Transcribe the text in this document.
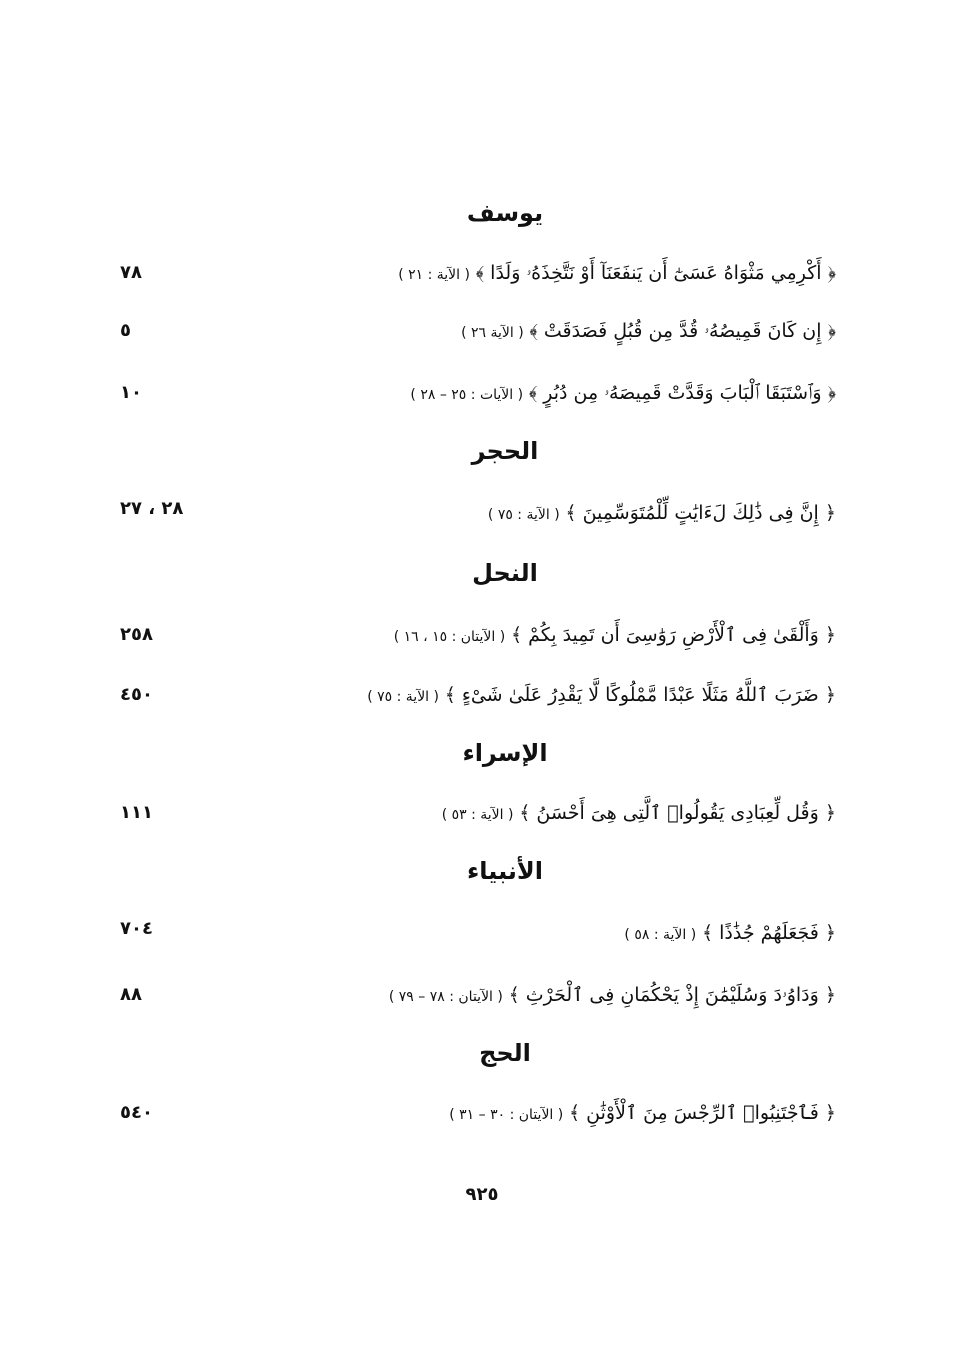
يوسف
﴿ أَكْرِمِي مَثْوَاهُ عَسَىٰٓ أَن يَنفَعَنَآ أَوْ نَتَّخِذَهُۥ وَلَدًا ﴾ ( الآية : ٢١ )
٧٨
﴿ إِن كَانَ قَمِيصُهُۥ قُدَّ مِن قُبُلٍ فَصَدَقَتْ ﴾ ( الآية ٢٦ )
٥
﴿ وَٱسْتَبَقَا ٱلْبَابَ وَقَدَّتْ قَمِيصَهُۥ مِن دُبُرٍ ﴾ ( الآيات : ٢٥ – ٢٨ )
١٠
الحجر
﴿ إِنَّ فِى ذَٰلِكَ لَءَايَٰتٍ لِّلْمُتَوَسِّمِينَ ﴾ ( الآية : ٧٥ )
٢٨ ، ٢٧
النحل
﴿ وَأَلْقَىٰ فِى ٱلْأَرْضِ رَوَٰسِىَ أَن تَمِيدَ بِكُمْ ﴾ ( الآيتان : ١٥ ، ١٦ )
٢٥٨
﴿ ضَرَبَ ٱللَّهُ مَثَلًا عَبْدًا مَّمْلُوكًا لَّا يَقْدِرُ عَلَىٰ شَىْءٍ ﴾ ( الآية : ٧٥ )
٤٥٠
الإسراء
﴿ وَقُل لِّعِبَادِى يَقُولُوا۟ ٱلَّتِى هِىَ أَحْسَنُ ﴾ ( الآية : ٥٣ )
١١١
الأنبياء
﴿ فَجَعَلَهُمْ جُذَٰذًا ﴾ ( الآية : ٥٨ )
٧٠٤
﴿ وَدَاوُۥدَ وَسُلَيْمَٰنَ إِذْ يَحْكُمَانِ فِى ٱلْحَرْثِ ﴾ ( الآيتان : ٧٨ – ٧٩ )
٨٨
الحج
﴿ فَٱجْتَنِبُوا۟ ٱلرِّجْسَ مِنَ ٱلْأَوْثَٰنِ ﴾ ( الآيتان : ٣٠ – ٣١ )
٥٤٠
٩٢٥
